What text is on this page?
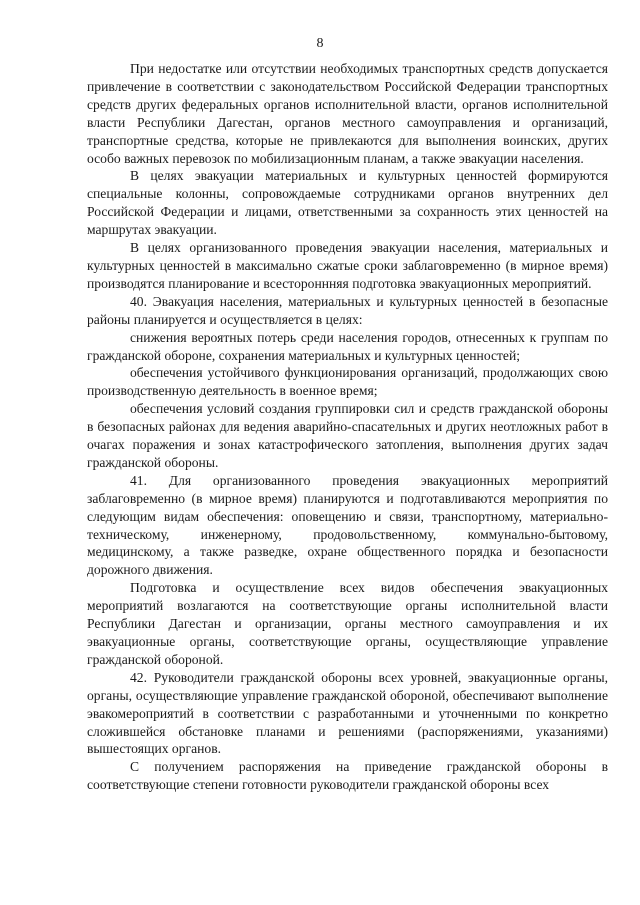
8

При недостатке или отсутствии необходимых транспортных средств допускается привлечение в соответствии с законодательством Российской Федерации транспортных средств других федеральных органов исполнительной власти, органов исполнительной власти Республики Дагестан, органов местного самоуправления и организаций, транспортные средства, которые не привлекаются для выполнения воинских, других особо важных перевозок по мобилизационным планам, а также эвакуации населения.

В целях эвакуации материальных и культурных ценностей формируются специальные колонны, сопровождаемые сотрудниками органов внутренних дел Российской Федерации и лицами, ответственными за сохранность этих ценностей на маршрутах эвакуации.

В целях организованного проведения эвакуации населения, материальных и культурных ценностей в максимально сжатые сроки заблаговременно (в мирное время) производятся планирование и всестороннняя подготовка эвакуационных мероприятий.

40. Эвакуация населения, материальных и культурных ценностей в безопасные районы планируется и осуществляется в целях:

снижения вероятных потерь среди населения городов, отнесенных к группам по гражданской обороне, сохранения материальных и культурных ценностей;

обеспечения устойчивого функционирования организаций, продолжающих свою производственную деятельность в военное время;

обеспечения условий создания группировки сил и средств гражданской обороны в безопасных районах для ведения аварийно-спасательных и других неотложных работ в очагах поражения и зонах катастрофического затопления, выполнения других задач гражданской обороны.

41. Для организованного проведения эвакуационных мероприятий заблаговременно (в мирное время) планируются и подготавливаются мероприятия по следующим видам обеспечения: оповещению и связи, транспортному, материально-техническому, инженерному, продовольственному, коммунально-бытовому, медицинскому, а также разведке, охране общественного порядка и безопасности дорожного движения.

Подготовка и осуществление всех видов обеспечения эвакуационных мероприятий возлагаются на соответствующие органы исполнительной власти Республики Дагестан и организации, органы местного самоуправления и их эвакуационные органы, соответствующие органы, осуществляющие управление гражданской обороной.

42. Руководители гражданской обороны всех уровней, эвакуационные органы, органы, осуществляющие управление гражданской обороной, обеспечивают выполнение эвакомероприятий в соответствии с разработанными и уточненными по конкретно сложившейся обстановке планами и решениями (распоряжениями, указаниями) вышестоящих органов.

С получением распоряжения на приведение гражданской обороны в соответствующие степени готовности руководители гражданской обороны всех
